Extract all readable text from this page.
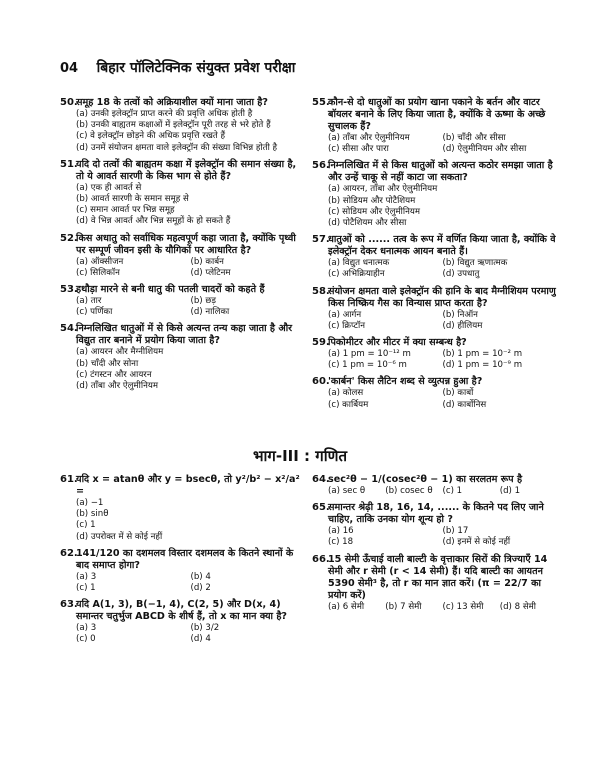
04 बिहार पॉलिटेक्निक संयुक्त प्रवेश परीक्षा
50.
समूह 18 के तत्वों को अक्रियाशील क्यों माना जाता है?
(a) उनकी इलेक्ट्रॉन प्राप्त करने की प्रवृत्ति अधिक होती है
(b) उनकी बाह्यतम कक्षाओं में इलेक्ट्रॉन पूरी तरह से भरे होते हैं
(c) वे इलेक्ट्रॉन छोड़ने की अधिक प्रवृत्ति रखते हैं
(d) उनमें संयोजन क्षमता वाले इलेक्ट्रॉन की संख्या विभिन्न होती है
51.
यदि दो तत्वों की बाह्यतम कक्षा में इलेक्ट्रॉन की समान संख्या है, तो ये आवर्त सारणी के किस भाग से होते हैं?
(a) एक ही आवर्त से
(b) आवर्त सारणी के समान समूह से
(c) समान आवर्त पर भिन्न समूह
(d) वे भिन्न आवर्त और भिन्न समूहों के हो सकते हैं
52.
किस अधातु को सर्वाधिक महत्वपूर्ण कहा जाता है, क्योंकि पृथ्वी पर सम्पूर्ण जीवन इसी के यौगिकों पर आधारित है?
(a) ऑक्सीजन	(b) कार्बन
(c) सिलिकॉन	(d) प्लेटिनम
53.
हथौड़ा मारने से बनी धातु की पतली चादरों को कहते हैं
(a) तार	(b) छड़
(c) पर्णिका	(d) नालिका
54.
निम्नलिखित धातुओं में से किसे अत्यन्त तन्य कहा जाता है और विद्युत तार बनाने में प्रयोग किया जाता है?
(a) आयरन और मैग्नीशियम
(b) चाँदी और सोना
(c) टंगस्टन और आयरन
(d) ताँबा और ऐलुमीनियम
55.
कौन-से दो धातुओं का प्रयोग खाना पकाने के बर्तन और वाटर बॉयलर बनाने के लिए किया जाता है, क्योंकि वे ऊष्मा के अच्छे सुचालक हैं?
(a) ताँबा और ऐलुमीनियम	(b) चाँदी और सीसा
(c) सीसा और पारा	(d) ऐलुमीनियम और सीसा
56.
निम्नलिखित में से किस धातुओं को अत्यन्त कठोर समझा जाता है और उन्हें चाकू से नहीं काटा जा सकता?
(a) आयरन, ताँबा और ऐलुमीनियम
(b) सोडियम और पोटैशियम
(c) सोडियम और ऐलुमीनियम
(d) पोटैशियम और सीसा
57.
धातुओं को ...... तत्व के रूप में वर्णित किया जाता है, क्योंकि वे इलेक्ट्रॉन देकर धनात्मक आयन बनाते हैं।
(a) विद्युत धनात्मक	(b) विद्युत ऋणात्मक
(c) अभिक्रियाहीन	(d) उपधातु
58.
संयोजन क्षमता वाले इलेक्ट्रॉन की हानि के बाद मैग्नीशियम परमाणु किस निष्क्रिय गैस का विन्यास प्राप्त करता है?
(a) आर्गन	(b) निऑन
(c) क्रिप्टॉन	(d) हीलियम
59.
पिकोमीटर और मीटर में क्या सम्बन्ध है?
(a) 1 pm = 10⁻¹² m	(b) 1 pm = 10⁻² m
(c) 1 pm = 10⁻⁶ m	(d) 1 pm = 10⁻⁹ m
60.
'कार्बन' किस लैटिन शब्द से व्युत्पन्न हुआ है?
(a) कोलस	(b) कार्बो
(c) कार्बियम	(d) कार्बोनिस
भाग-III : गणित
61.
यदि x = atanθ और y = bsecθ, तो y²/b² − x²/a² =
(a) −1
(b) sinθ
(c) 1
(d) उपरोक्त में से कोई नहीं
62.
141/120 का दशमलव विस्तार दशमलव के कितने स्थानों के बाद समाप्त होगा?
(a) 3	(b) 4
(c) 1	(d) 2
63.
यदि A(1, 3), B(−1, 4), C(2, 5) और D(x, 4) समान्तर चतुर्भुज ABCD के शीर्ष हैं, तो x का मान क्या है?
(a) 3	(b) 3/2
(c) 0	(d) 4
64.
sec²θ − 1/(cosec²θ − 1) का सरलतम रूप है
(a) sec θ	(b) cosec θ	(c) 1	(d) 1
65.
समान्तर श्रेढ़ी 18, 16, 14, ...... के कितने पद लिए जाने चाहिए, ताकि उनका योग शून्य हो ?
(a) 16	(b) 17
(c) 18	(d) इनमें से कोई नहीं
66.
15 सेमी ऊँचाई वाली बाल्टी के वृत्ताकार सिरों की त्रिज्याएँ 14 सेमी और r सेमी (r < 14 सेमी) हैं। यदि बाल्टी का आयतन 5390 सेमी³ है, तो r का मान ज्ञात करें। (π = 22/7 का प्रयोग करें)
(a) 6 सेमी	(b) 7 सेमी	(c) 13 सेमी	(d) 8 सेमी
